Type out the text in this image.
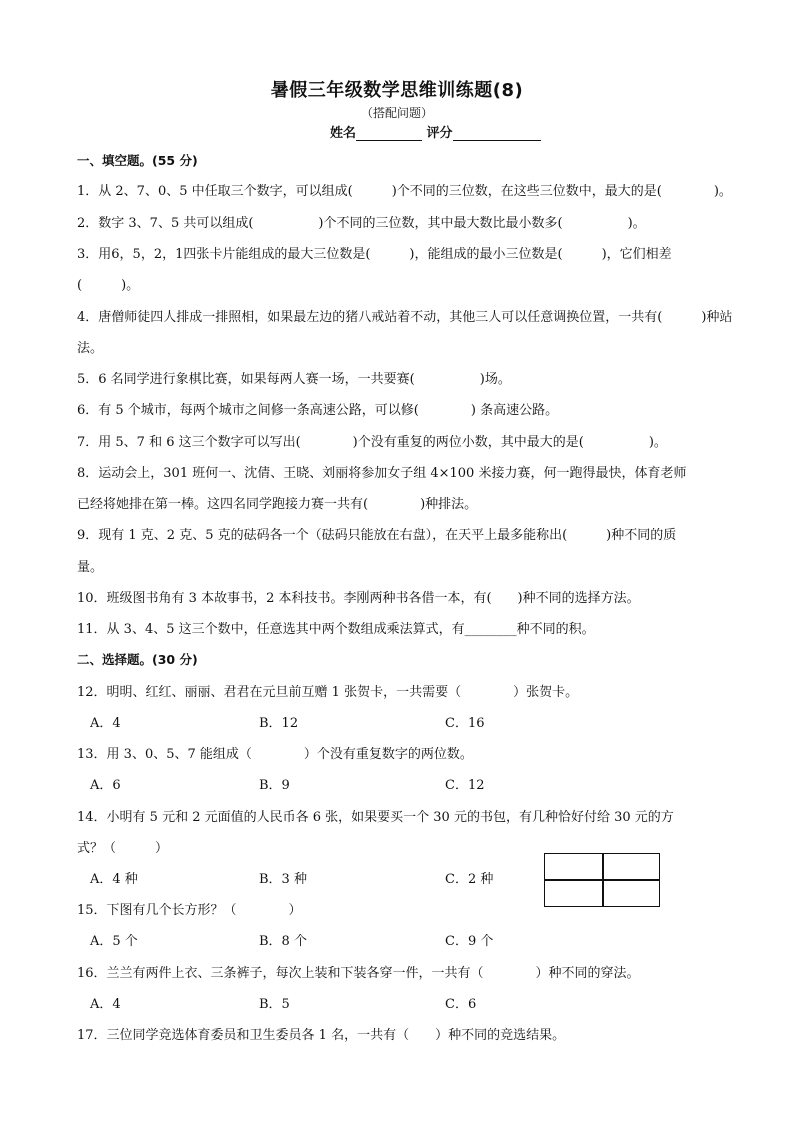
暑假三年级数学思维训练题(8)
（搭配问题）
姓名	评分
一、填空题。(55 分)
1．从 2、7、0、5 中任取三个数字，可以组成(　　　)个不同的三位数，在这些三位数中，最大的是(　　　　)。
2．数字 3、7、5 共可以组成(　　　　　)个不同的三位数，其中最大数比最小数多(　　　　　)。
3．用6，5，2，1四张卡片能组成的最大三位数是(　　　)，能组成的最小三位数是(　　　)，它们相差
(　　　)。
4．唐僧师徒四人排成一排照相，如果最左边的猪八戒站着不动，其他三人可以任意调换位置，一共有(　　　)种站
法。
5．6 名同学进行象棋比赛，如果每两人赛一场，一共要赛(　　　　　)场。
6．有 5 个城市，每两个城市之间修一条高速公路，可以修(　　　　) 条高速公路。
7．用 5、7 和 6 这三个数字可以写出(　　　　)个没有重复的两位小数，其中最大的是(　　　　　)。
8．运动会上，301 班何一、沈倩、王晓、刘丽将参加女子组 4×100 米接力赛，何一跑得最快，体育老师
已经将她排在第一棒。这四名同学跑接力赛一共有(　　　　)种排法。
9．现有 1 克、2 克、5 克的砝码各一个（砝码只能放在右盘），在天平上最多能称出(　　　)种不同的质
量。
10．班级图书角有 3 本故事书，2 本科技书。李刚两种书各借一本，有(　　)种不同的选择方法。
11．从 3、4、5 这三个数中，任意选其中两个数组成乘法算式，有________种不同的积。
二、选择题。(30 分)
12．明明、红红、丽丽、君君在元旦前互赠 1 张贺卡，一共需要（　　　　）张贺卡。
A．4	B．12	C．16
13．用 3、0、5、7 能组成（　　　　）个没有重复数字的两位数。
A．6	B．9	C．12
14．小明有 5 元和 2 元面值的人民币各 6 张，如果要买一个 30 元的书包，有几种恰好付给 30 元的方
式？（　　　）
A．4 种	B．3 种	C．2 种
15．下图有几个长方形？（　　　　）
A．5 个	B．8 个	C．9 个
16．兰兰有两件上衣、三条裤子，每次上装和下装各穿一件，一共有（　　　　）种不同的穿法。
A．4	B．5	C．6
17．三位同学竞选体育委员和卫生委员各 1 名，一共有（　　）种不同的竞选结果。
